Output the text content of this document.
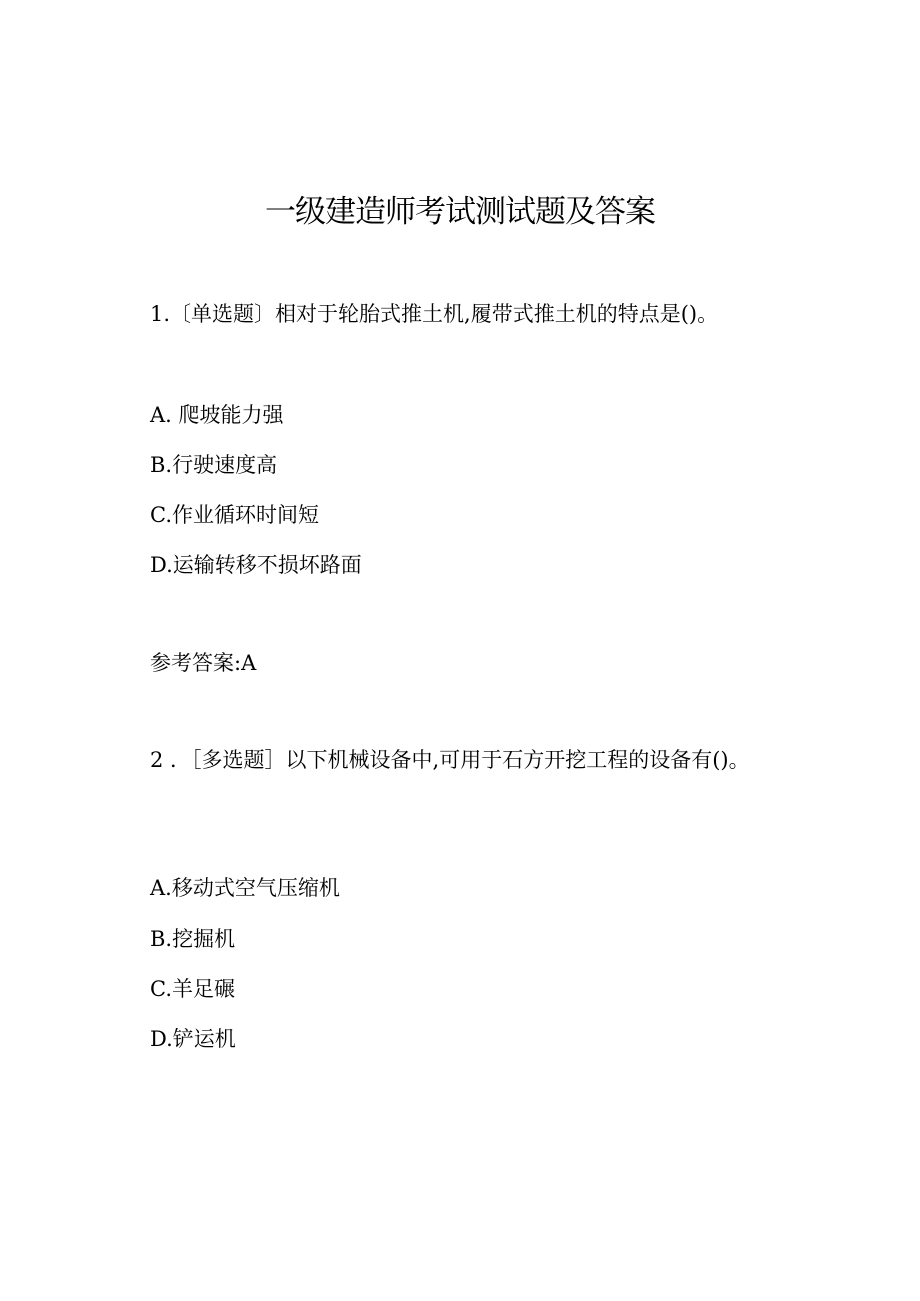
一级建造师考试测试题及答案
1.〔单选题〕相对于轮胎式推土机,履带式推土机的特点是()。
A. 爬坡能力强
B.行驶速度高
C.作业循环时间短
D.运输转移不损坏路面
参考答案:A
2 ．［多选题］以下机械设备中,可用于石方开挖工程的设备有()。
A.移动式空气压缩机
B.挖掘机
C.羊足碾
D.铲运机
